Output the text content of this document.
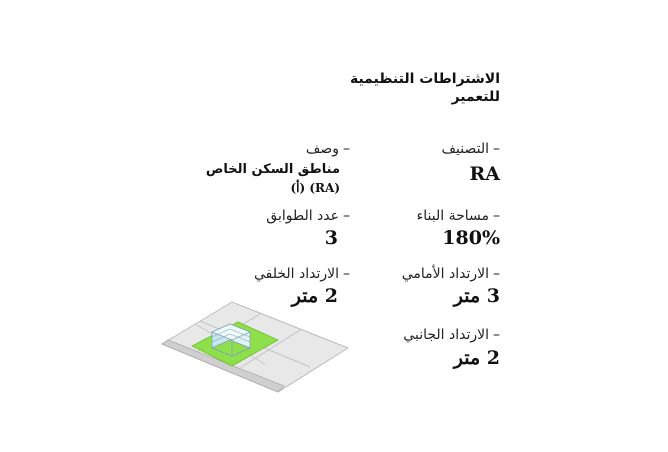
الاشتراطات التنظيمية
للتعمير
–التصنيف
RA
–مساحة البناء
180%
–الارتداد الأمامي
3 متر
–الارتداد الجانبي
2 متر
–وصف
مناطق السكن الخاص
(RA) (أ)
–عدد الطوابق
3
–الارتداد الخلفي
2 متر
